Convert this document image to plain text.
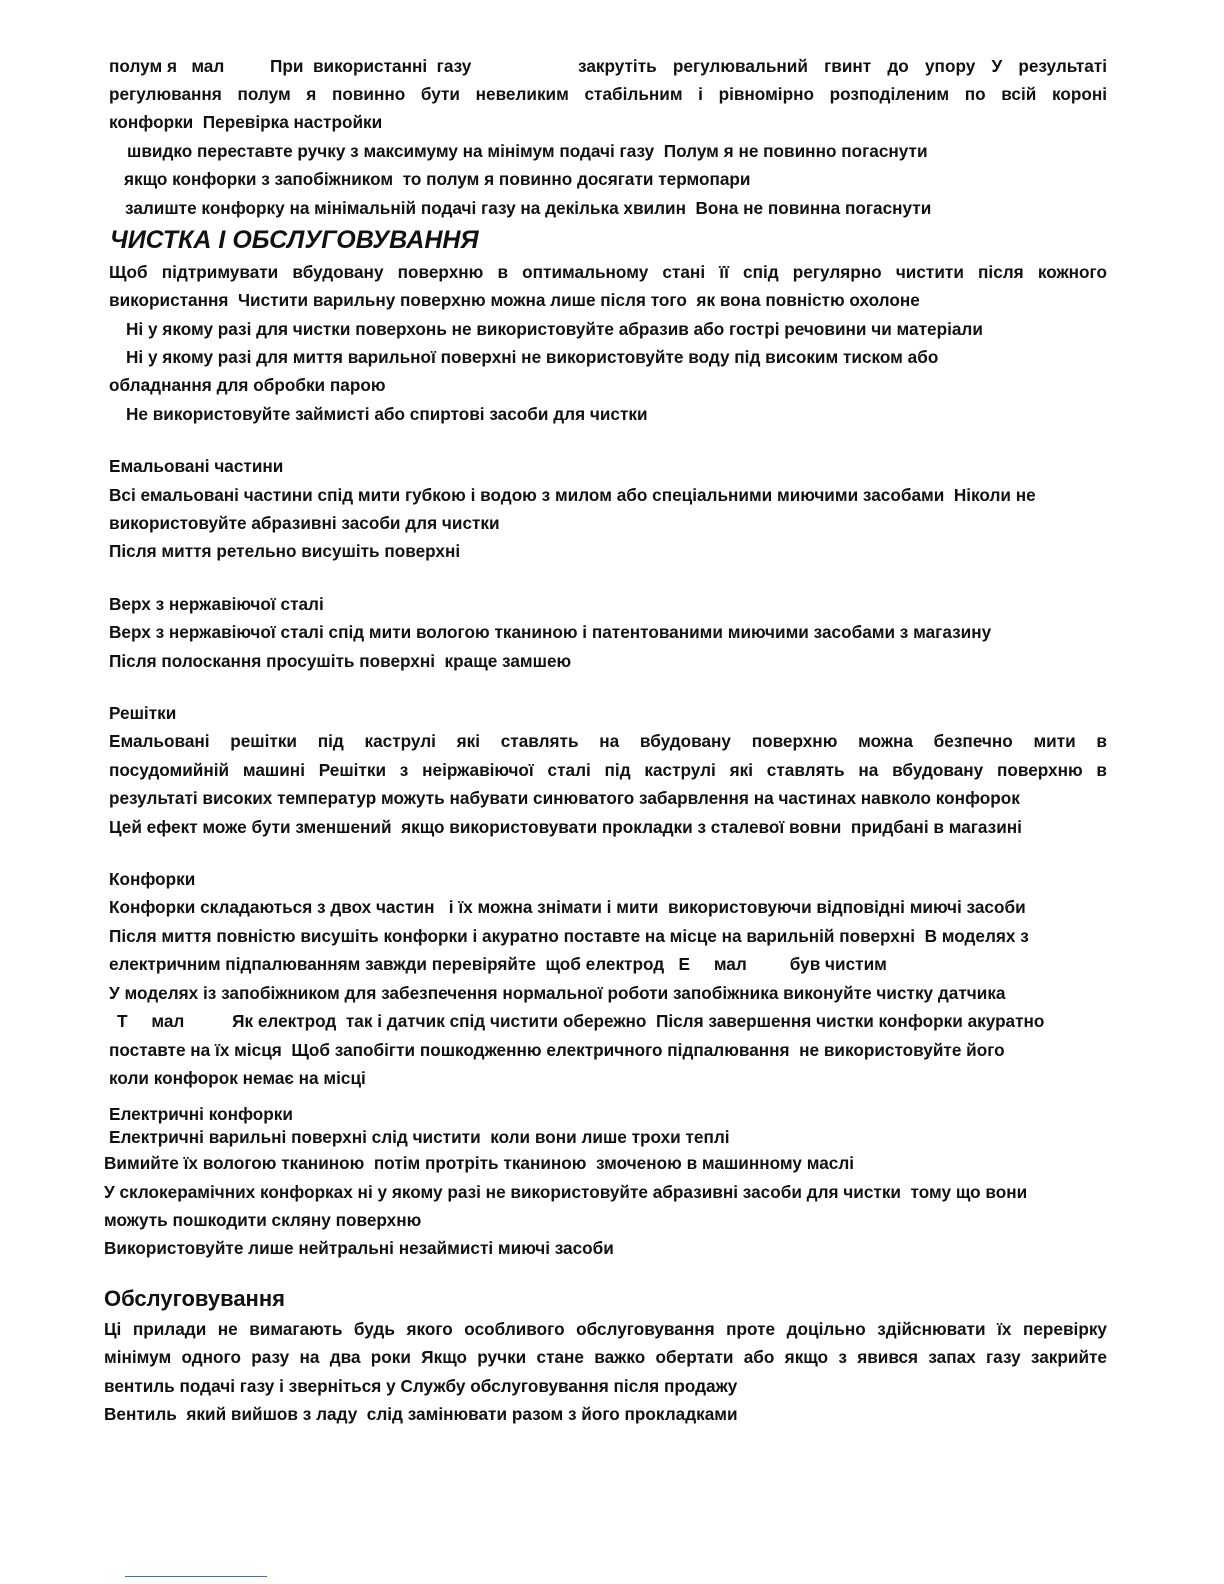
полум я   мал	При  використанні  газу	закрутіть регулювальний гвинт до упору У результаті

регулювання полум я повинно бути невеликим стабільним і рівномірно розподіленим по всій короні

конфорки  Перевірка настройки

швидко переставте ручку з максимуму на мінімум подачі газу  Полум я не повинно погаснути

якщо конфорки з запобіжником  то полум я повинно досягати термопари

залиште конфорку на мінімальній подачі газу на декілька хвилин  Вона не повинна погаснути

ЧИСТКА І ОБСЛУГОВУВАННЯ

Щоб підтримувати вбудовану поверхню в оптимальному стані її спід регулярно чистити після кожного

використання  Чистити варильну поверхню можна лише після того  як вона повністю охолоне

Ні у якому разі для чистки поверхонь не використовуйте абразив або гострі речовини чи матеріали

Ні у якому разі для миття варильної поверхні не використовуйте воду під високим тиском або

обладнання для обробки парою

Не використовуйте займисті або спиртові засоби для чистки

Емальовані частини

Всі емальовані частини спід мити губкою і водою з милом або спеціальними миючими засобами  Ніколи не

використовуйте абразивні засоби для чистки

Після миття ретельно висушіть поверхні

Верх з нержавіючої сталі

Верх з нержавіючої сталі спід мити вологою тканиною і патентованими миючими засобами з магазину

Після полоскання просушіть поверхні  краще замшею

Решітки

Емальовані решітки під каструлі які ставлять на вбудовану поверхню можна безпечно мити в

посудомийній машині Решітки з неіржавіючої сталі під каструлі які ставлять на вбудовану поверхню в

результаті високих температур можуть набувати синюватого забарвлення на частинах навколо конфорок

Цей ефект може бути зменшений  якщо використовувати прокладки з сталевої вовни  придбані в магазині

Конфорки

Конфорки складаються з двох частин   і їх можна знімати і мити  використовуючи відповідні миючі засоби

Після миття повністю висушіть конфорки і акуратно поставте на місце на варильній поверхні  В моделях з

електричним підпалюванням завжди перевіряйте  щоб електрод   Е     мал         був чистим

У моделях із запобіжником для забезпечення нормальної роботи запобіжника виконуйте чистку датчика

Т     мал          Як електрод  так і датчик спід чистити обережно  Після завершення чистки конфорки акуратно

поставте на їх місця  Щоб запобігти пошкодженню електричного підпалювання  не використовуйте його

коли конфорок немає на місці

Електричні конфорки

Електричні варильні поверхні слід чистити  коли вони лише трохи теплі

Вимийте їх вологою тканиною  потім протріть тканиною  змоченою в машинному маслі

У склокерамічних конфорках ні у якому разі не використовуйте абразивні засоби для чистки  тому що вони

можуть пошкодити скляну поверхню

Використовуйте лише нейтральні незаймисті миючі засоби

Обслуговування

Ці прилади не вимагають будь якого особливого обслуговування проте доцільно здійснювати їх перевірку

мінімум одного разу на два роки Якщо ручки стане важко обертати або якщо з явився запах газу закрийте

вентиль подачі газу і зверніться у Службу обслуговування після продажу

Вентиль  який вийшов з ладу  слід замінювати разом з його прокладками
